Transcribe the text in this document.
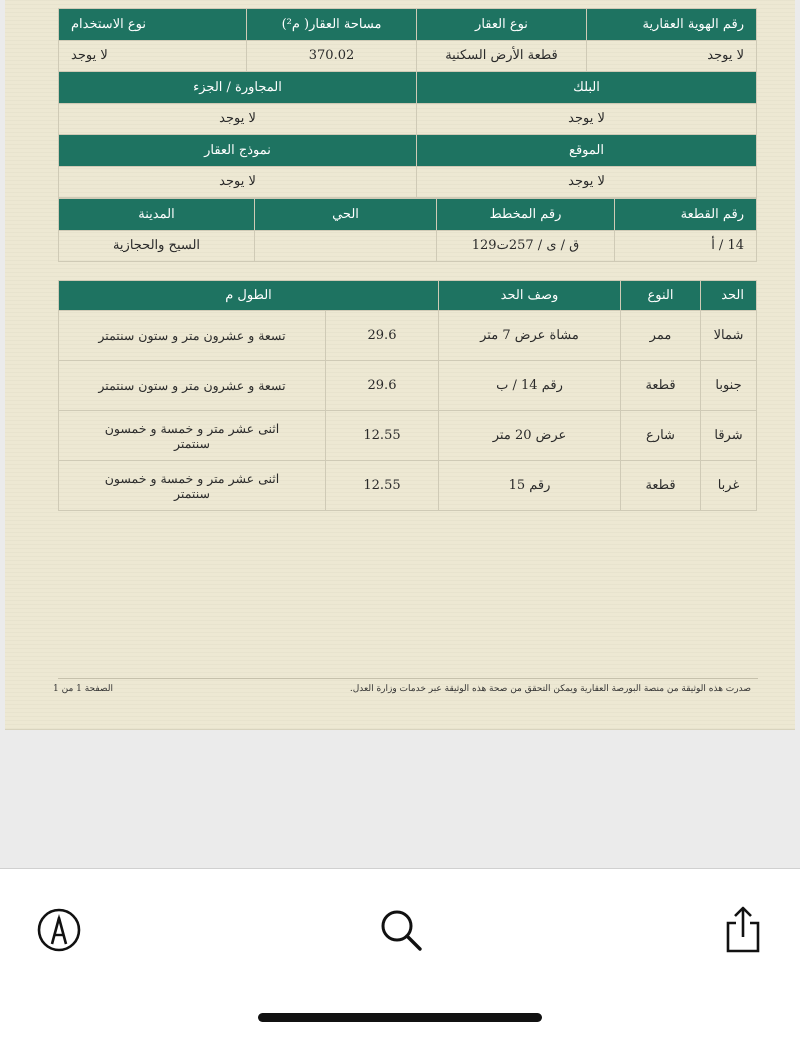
رقم الهوية العقارية	نوع العقار	مساحة العقار( م²)	نوع الاستخدام
لا يوجد	قطعة الأرض السكنية	370.02	لا يوجد
البلك		المجاورة / الجزء	
لا يوجد		لا يوجد	
الموقع		نموذج العقار	
لا يوجد		لا يوجد	
رقم القطعة	رقم المخطط	الحي	المدينة
14 / أ	ق / ى / 257ت129		السيح والحجازية
الحد	النوع	وصف الحد	الطول م	
شمالا	ممر	مشاة عرض 7 متر	29.6	تسعة و عشرون متر و ستون سنتمتر
جنوبا	قطعة	رقم 14 / ب	29.6	تسعة و عشرون متر و ستون سنتمتر
شرقا	شارع	عرض 20 متر	12.55	اثنى عشر متر و خمسة و خمسون سنتمتر
غربا	قطعة	رقم 15	12.55	اثنى عشر متر و خمسة و خمسون سنتمتر
صدرت هذه الوثيقة من منصة البورصة العقارية ويمكن التحقق من صحة هذه الوثيقة عبر خدمات وزارة العدل.
الصفحة 1 من 1
